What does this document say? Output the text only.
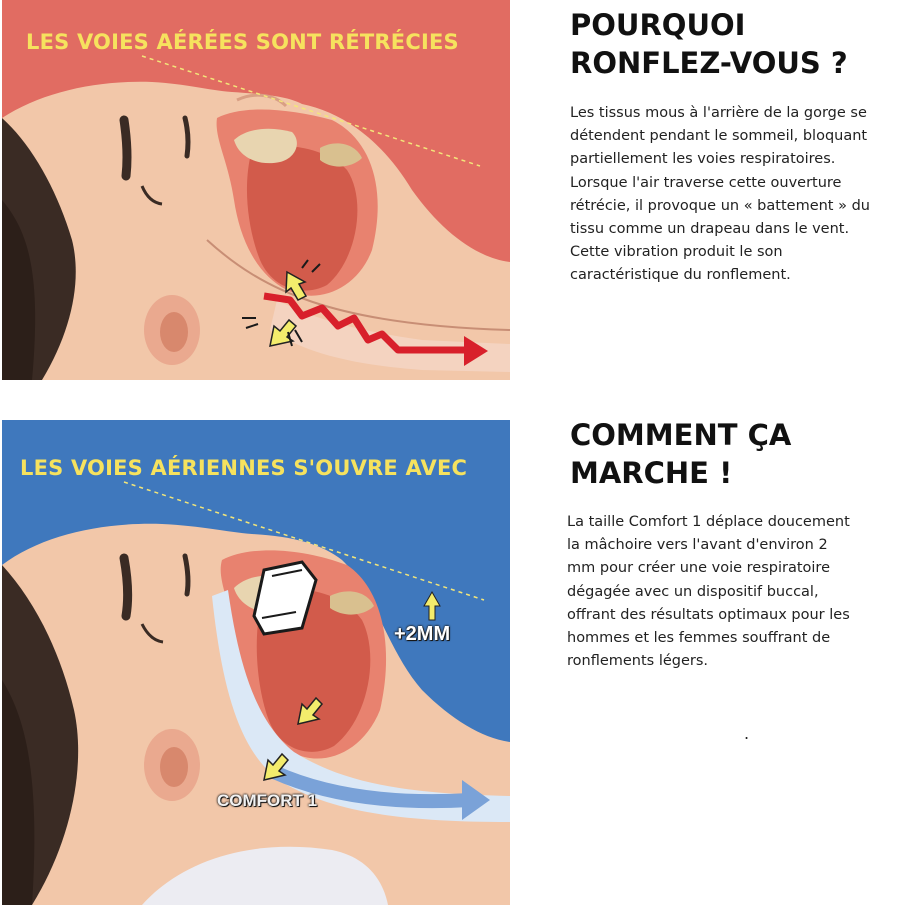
LES VOIES AÉRÉES SONT RÉTRÉCIES	POURQUOI RONFLEZ-VOUS ?

Les tissus mous à l'arrière de la gorge se détendent pendant le sommeil, bloquant partiellement les voies respiratoires. Lorsque l'air traverse cette ouverture rétrécie, il provoque un « battement » du tissu comme un drapeau dans le vent. Cette vibration produit le son caractéristique du ronflement.

LES VOIES AÉRIENNES S'OUVRE AVEC
+2MM
COMFORT 1
COMMENT ÇA MARCHE !

La taille Comfort 1 déplace doucement la mâchoire vers l'avant d'environ 2 mm pour créer une voie respiratoire dégagée avec un dispositif buccal, offrant des résultats optimaux pour les hommes et les femmes souffrant de ronflements légers.

.
